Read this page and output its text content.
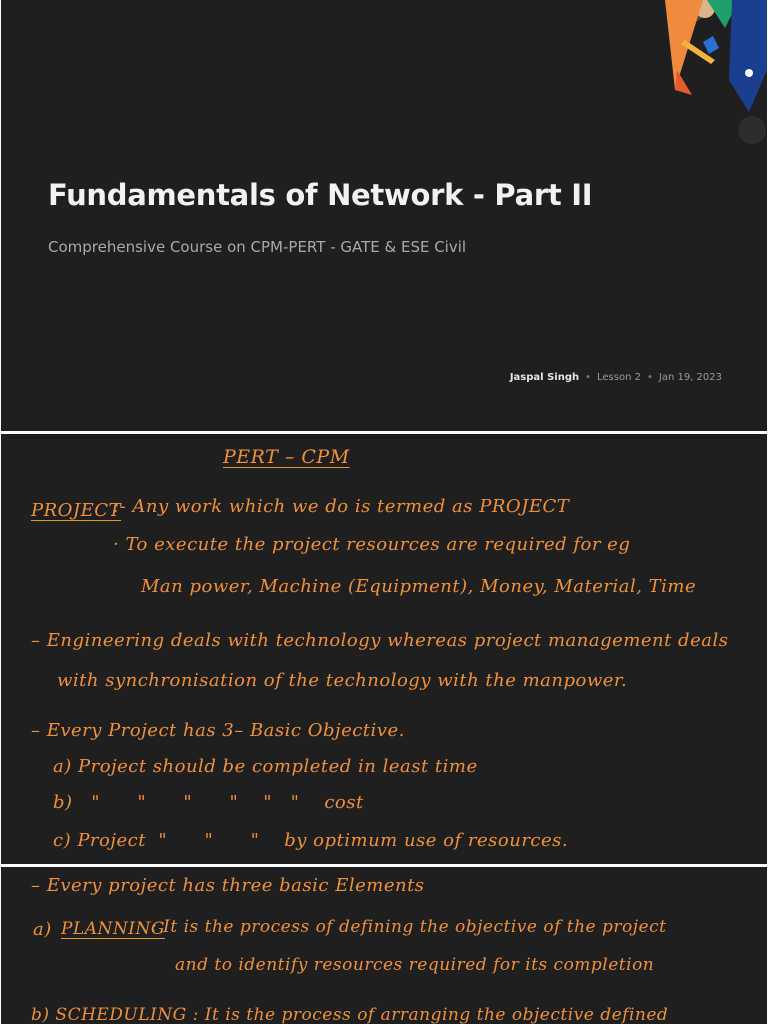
Fundamentals of Network - Part II
Comprehensive Course on CPM-PERT - GATE & ESE Civil
Jaspal Singh • Lesson 2 • Jan 19, 2023
PERT – CPM
PROJECT
:- Any work which we do is termed as PROJECT
· To execute the project resources are required for eg
Man power, Machine (Equipment), Money, Material, Time
– Engineering deals with technology whereas project management deals
with synchronisation of the technology with the manpower.
– Every Project has 3– Basic Objective.
a) Project should be completed in least time
b)   "      "      "      "    "   "    cost
c) Project  "      "      "    by optimum use of resources.
– Every project has three basic Elements
a) PLANNING
: It is the process of defining the objective of the project
and to identify resources required for its completion
b) SCHEDULING : It is the process of arranging the objective defined
